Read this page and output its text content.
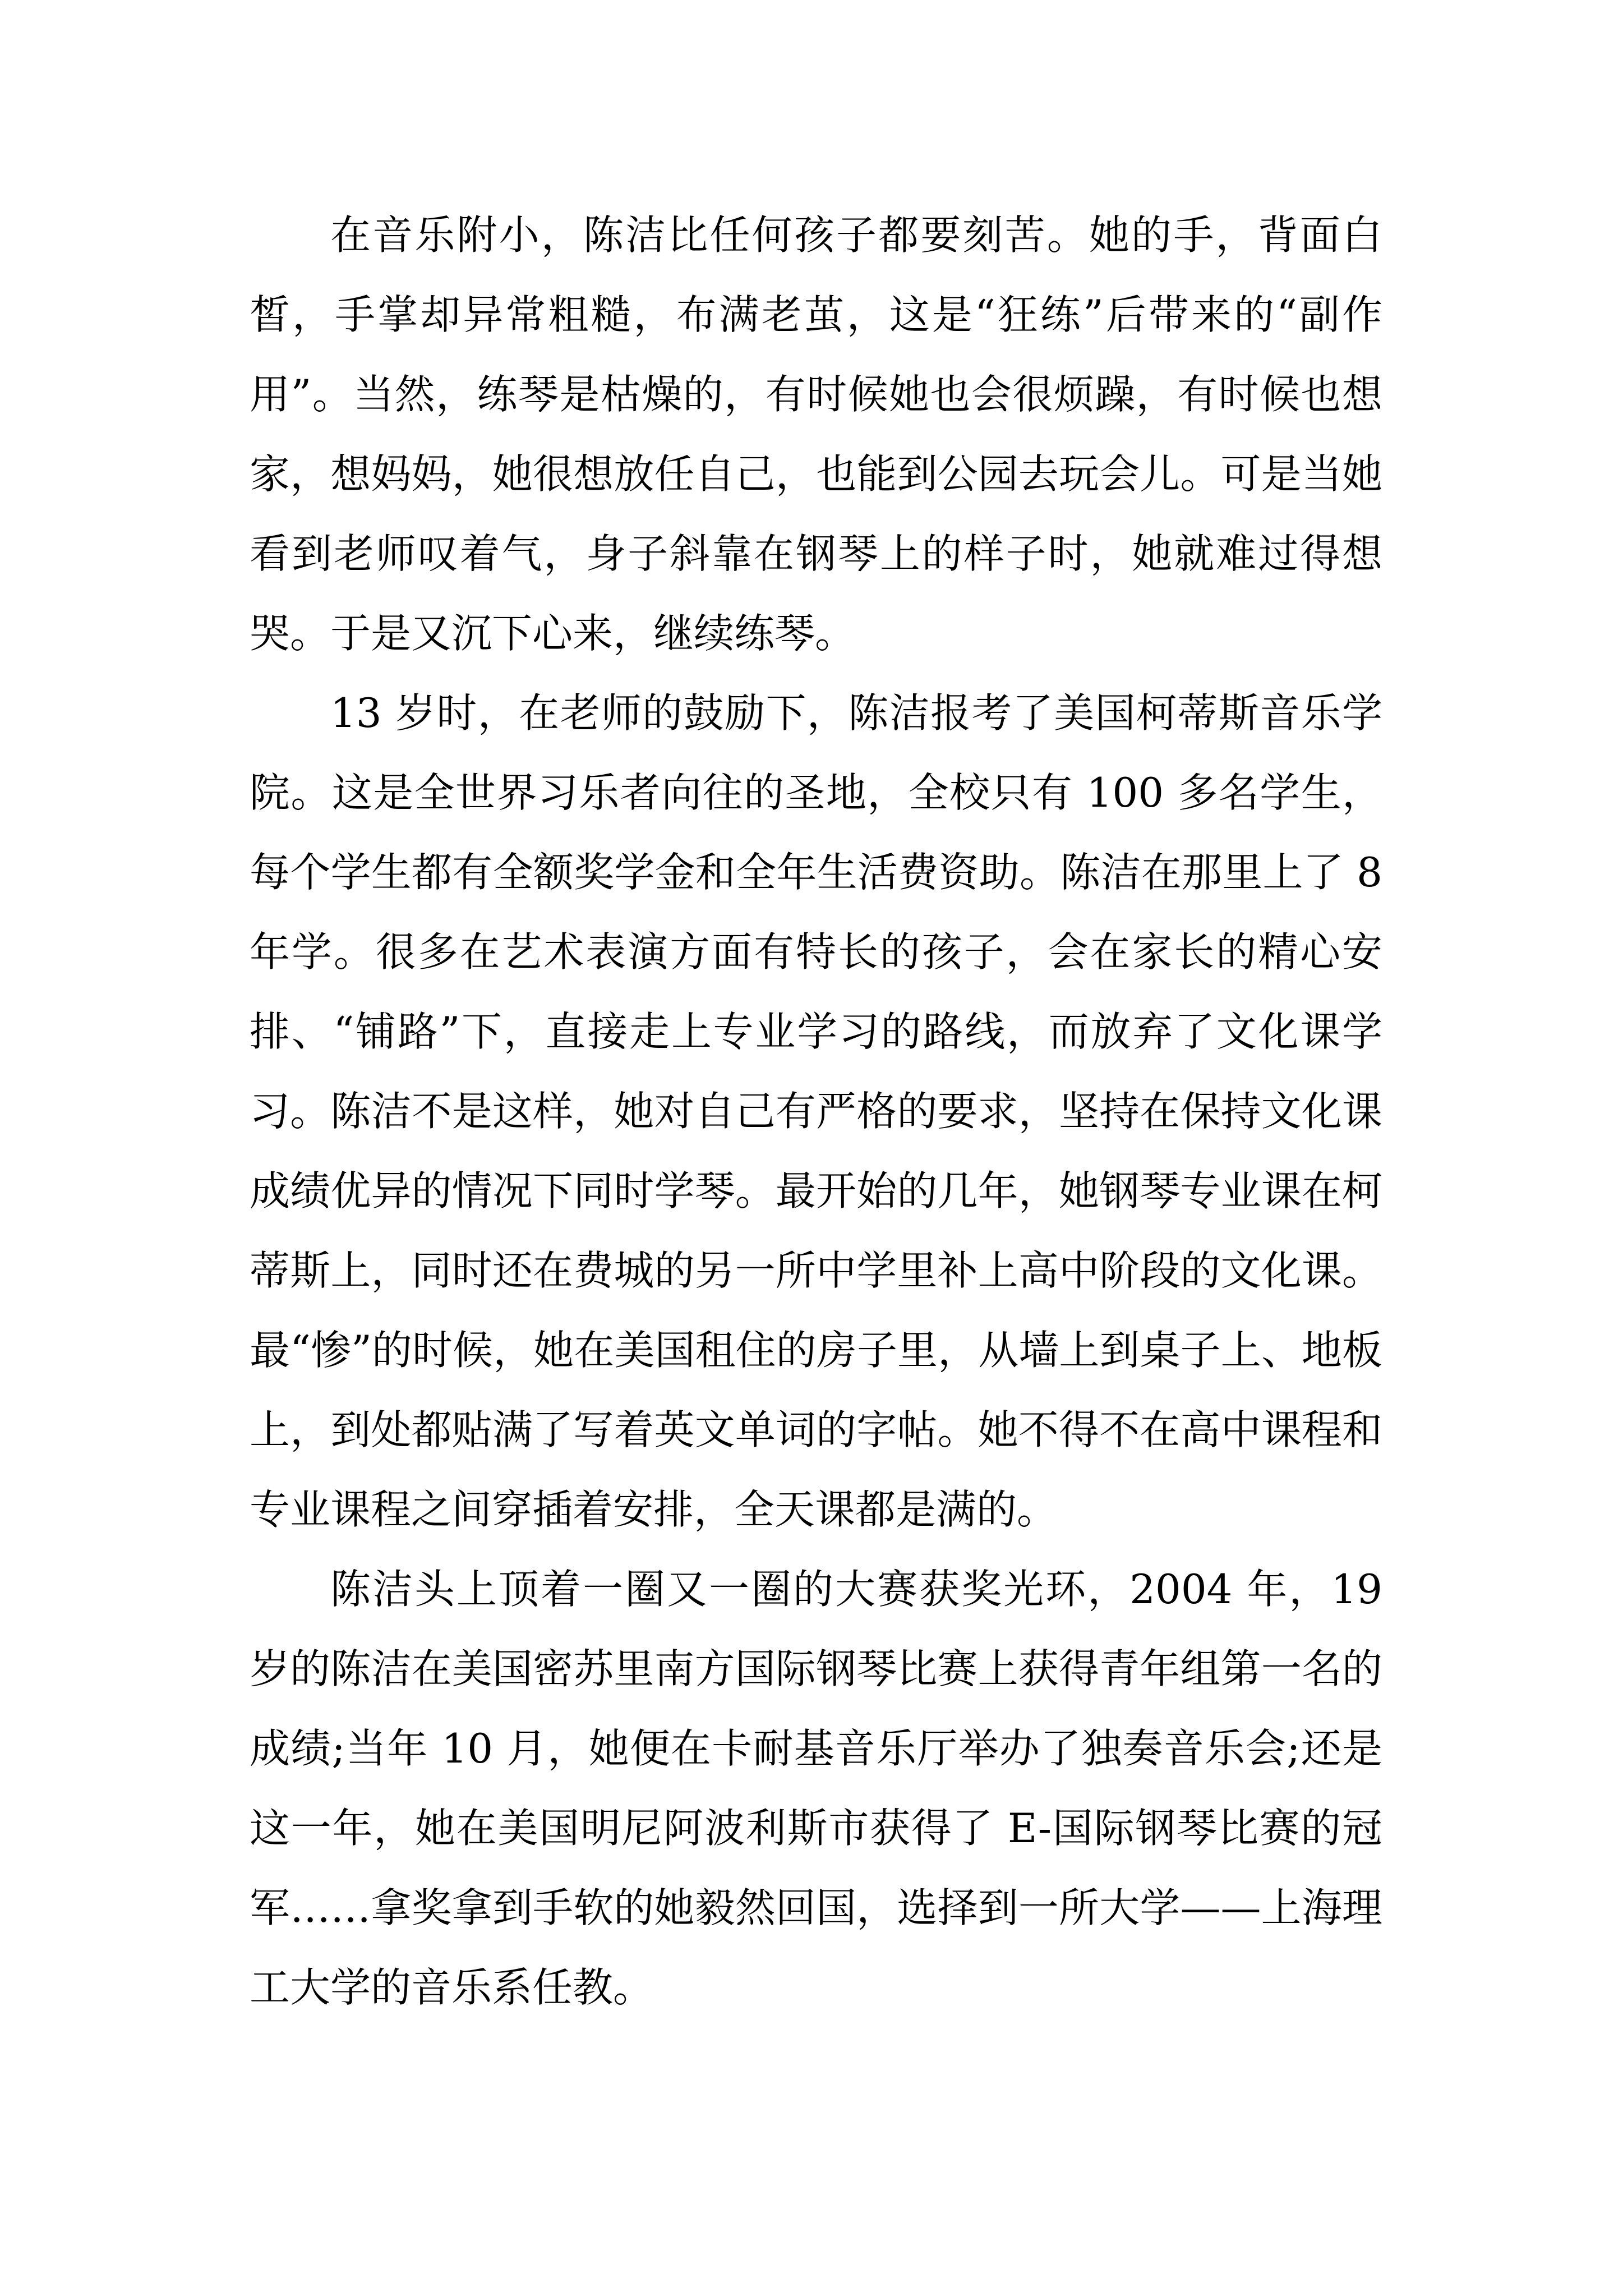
在音乐附小，陈洁比任何孩子都要刻苦。她的手，背面白皙，手掌却异常粗糙，布满老茧，这是“狂练”后带来的“副作用”。当然，练琴是枯燥的，有时候她也会很烦躁，有时候也想家，想妈妈，她很想放任自己，也能到公园去玩会儿。可是当她看到老师叹着气，身子斜靠在钢琴上的样子时，她就难过得想哭。于是又沉下心来，继续练琴。

13 岁时，在老师的鼓励下，陈洁报考了美国柯蒂斯音乐学院。这是全世界习乐者向往的圣地，全校只有 100 多名学生，每个学生都有全额奖学金和全年生活费资助。陈洁在那里上了 8 年学。很多在艺术表演方面有特长的孩子，会在家长的精心安排、“铺路”下，直接走上专业学习的路线，而放弃了文化课学习。陈洁不是这样，她对自己有严格的要求，坚持在保持文化课成绩优异的情况下同时学琴。最开始的几年，她钢琴专业课在柯蒂斯上，同时还在费城的另一所中学里补上高中阶段的文化课。最“惨”的时候，她在美国租住的房子里，从墙上到桌子上、地板上，到处都贴满了写着英文单词的字帖。她不得不在高中课程和专业课程之间穿插着安排，全天课都是满的。

陈洁头上顶着一圈又一圈的大赛获奖光环，2004 年，19 岁的陈洁在美国密苏里南方国际钢琴比赛上获得青年组第一名的成绩;当年 10 月，她便在卡耐基音乐厅举办了独奏音乐会;还是这一年，她在美国明尼阿波利斯市获得了 E-国际钢琴比赛的冠军……拿奖拿到手软的她毅然回国，选择到一所大学——上海理工大学的音乐系任教。
